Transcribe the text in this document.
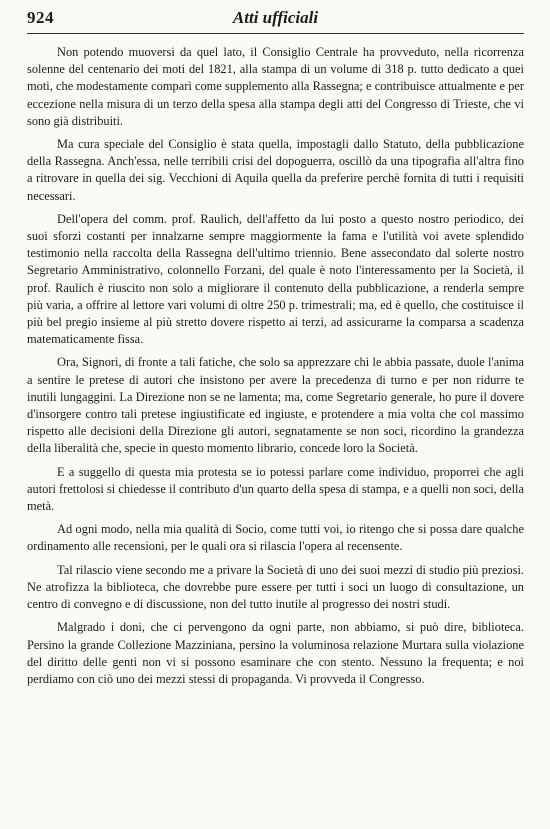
924	Atti ufficiali

Non potendo muoversi da quel lato, il Consiglio Centrale ha provveduto, nella ricorrenza solenne del centenario dei moti del 1821, alla stampa di un volume di 318 p. tutto dedicato a quei moti, che modestamente comparì come supplemento alla Rassegna; e contribuisce attualmente e per eccezione nella misura di un terzo della spesa alla stampa degli atti del Congresso di Trieste, che vi sono già distribuiti.

Ma cura speciale del Consiglio è stata quella, impostagli dallo Statuto, della pubblicazione della Rassegna. Anch'essa, nelle terribili crisi del dopoguerra, oscillò da una tipografia all'altra fino a ritrovare in quella dei sig. Vecchioni di Aquila quella da preferire perchè fornita di tutti i requisiti necessari.

Dell'opera del comm. prof. Raulich, dell'affetto da lui posto a questo nostro periodico, dei suoi sforzi costanti per innalzarne sempre maggiormente la fama e l'utilità voi avete splendido testimonio nella raccolta della Rassegna dell'ultimo triennio. Bene assecondato dal solerte nostro Segretario Amministrativo, colonnello Forzani, del quale è noto l'interessamento per la Società, il prof. Raulich è riuscito non solo a migliorare il contenuto della pubblicazione, a renderla sempre più varia, a offrire al lettore vari volumi di oltre 250 p. trimestrali; ma, ed è quello, che costituisce il più bel pregio insieme al più stretto dovere rispetto ai terzi, ad assicurarne la comparsa a scadenza matematicamente fissa.

Ora, Signori, di fronte a tali fatiche, che solo sa apprezzare chi le abbia passate, duole l'anima a sentire le pretese di autori che insistono per avere la precedenza di turno e per non ridurre te inutili lungaggini. La Direzione non se ne lamenta; ma, come Segretario generale, ho pure il dovere d'insorgere contro tali pretese ingiustificate ed ingiuste, e protendere a mia volta che col massimo rispetto alle decisioni della Direzione gli autori, segnatamente se non soci, ricordino la grandezza della liberalità che, specie in questo momento librario, concede loro la Società.

E a suggello di questa mia protesta se io potessi parlare come individuo, proporrei che agli autori frettolosi si chiedesse il contributo d'un quarto della spesa di stampa, e a quelli non soci, della metà.

Ad ogni modo, nella mia qualità di Socio, come tutti voi, io ritengo che si possa dare qualche ordinamento alle recensioni, per le quali ora si rilascia l'opera al recensente.

Tal rilascio viene secondo me a privare la Società di uno dei suoi mezzi di studio più preziosi. Ne atrofizza la biblioteca, che dovrebbe pure essere per tutti i soci un luogo di consultazione, un centro di convegno e di discussione, non del tutto inutile al progresso dei nostri studi.

Malgrado i doni, che ci pervengono da ogni parte, non abbiamo, si può dire, biblioteca. Persino la grande Collezione Mazziniana, persino la voluminosa relazione Murtara sulla violazione del diritto delle genti non vi si possono esaminare che con stento. Nessuno la frequenta; e noi perdiamo con ciò uno dei mezzi stessi di propaganda. Vi provveda il Congresso.
